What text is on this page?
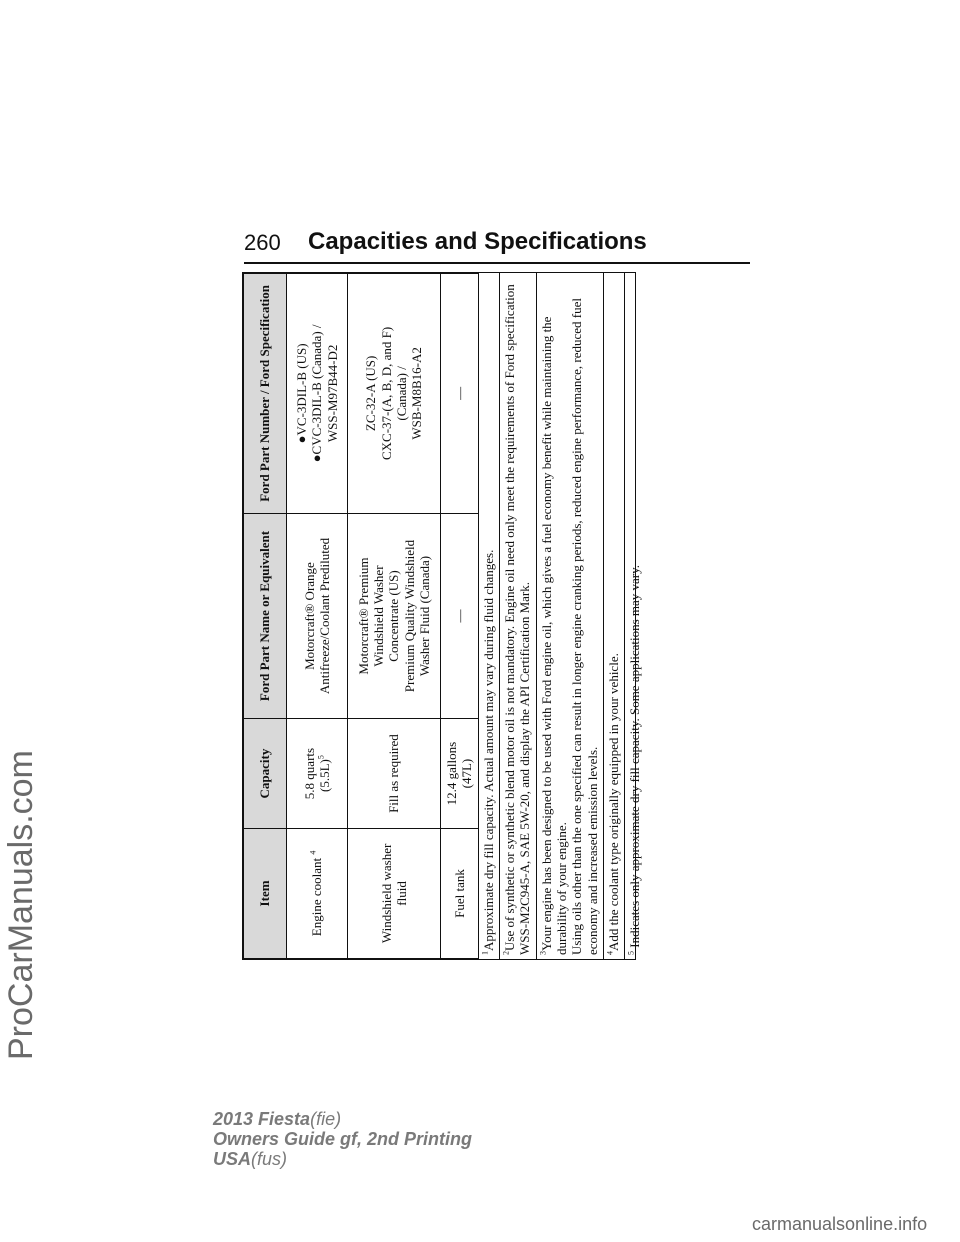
260 Capacities and Specifications
Item	Capacity	Ford Part Name or Equivalent	Ford Part Number / Ford Specification
Engine coolant $^4$	5.8 quarts $(5.5L)^5$	Motorcraft® Orange Antifreeze/Coolant Prediluted	●VC-3DIL-B (US) ●CVC-3DIL-B (Canada) / WSS-M97B44-D2

Windshield washer fluid	Fill as required	Motorcraft® Premium Windshield Washer Concentrate (US) Premium Quality Windshield Washer Fluid (Canada)	ZC-32-A (US) CXC-37-(A, B, D, and F) (Canada) / WSB-M8B16-A2

Fuel tank	12.4 gallons (47L)	—	—
$^1$Approximate dry fill capacity. Actual amount may vary during fluid changes.
$^2$Use of synthetic or synthetic blend motor oil is not mandatory. Engine oil need only meet the requirements of Ford specification WSS-M2C945-A, SAE 5W-20, and display the API Certification Mark. $^3$Your engine has been designed to be used with Ford engine oil, which gives a fuel economy benefit while maintaining the durability of your engine. Using oils other than the one specified can result in longer engine cranking periods, reduced engine performance, reduced fuel economy and increased emission levels. $^4$Add the coolant type originally equipped in your vehicle.
$^5$ Indicates only approximate dry fill capacity. Some applications may vary.
ProCarManuals.com
2013 Fiesta(fie)
Owners Guide gf, 2nd Printing
USA(fus)
carmanualsonline.info
